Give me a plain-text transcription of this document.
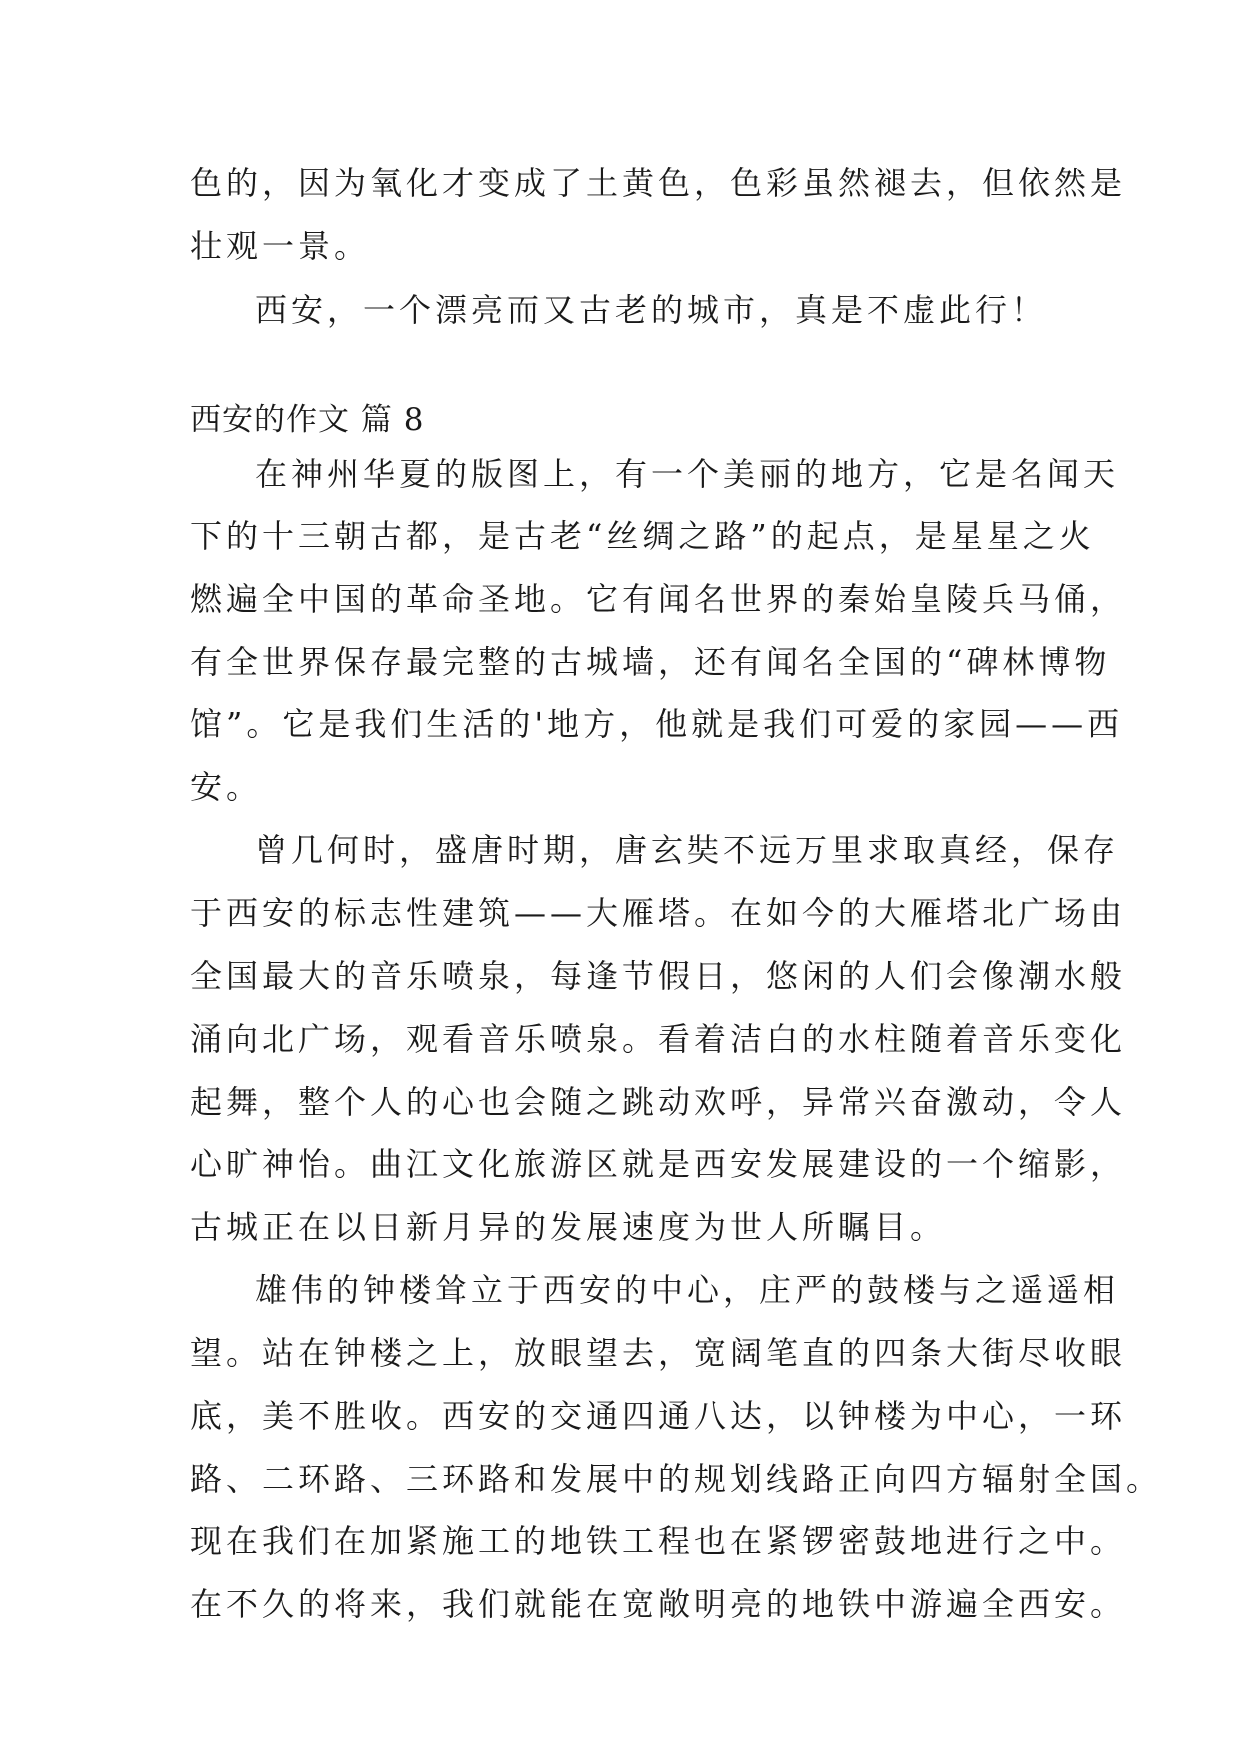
色的，因为氧化才变成了土黄色，色彩虽然褪去，但依然是
壮观一景。
西安，一个漂亮而又古老的城市，真是不虚此行！
西安的作文 篇 8
在神州华夏的版图上，有一个美丽的地方，它是名闻天
下的十三朝古都，是古老“丝绸之路”的起点，是星星之火
燃遍全中国的革命圣地。它有闻名世界的秦始皇陵兵马俑，
有全世界保存最完整的古城墙，还有闻名全国的“碑林博物
馆”。它是我们生活的'地方，他就是我们可爱的家园——西
安。
曾几何时，盛唐时期，唐玄奘不远万里求取真经，保存
于西安的标志性建筑——大雁塔。在如今的大雁塔北广场由
全国最大的音乐喷泉，每逢节假日，悠闲的人们会像潮水般
涌向北广场，观看音乐喷泉。看着洁白的水柱随着音乐变化
起舞，整个人的心也会随之跳动欢呼，异常兴奋激动，令人
心旷神怡。曲江文化旅游区就是西安发展建设的一个缩影，
古城正在以日新月异的发展速度为世人所瞩目。
雄伟的钟楼耸立于西安的中心，庄严的鼓楼与之遥遥相
望。站在钟楼之上，放眼望去，宽阔笔直的四条大街尽收眼
底，美不胜收。西安的交通四通八达，以钟楼为中心，一环
路、二环路、三环路和发展中的规划线路正向四方辐射全国。
现在我们在加紧施工的地铁工程也在紧锣密鼓地进行之中。
在不久的将来，我们就能在宽敞明亮的地铁中游遍全西安。
